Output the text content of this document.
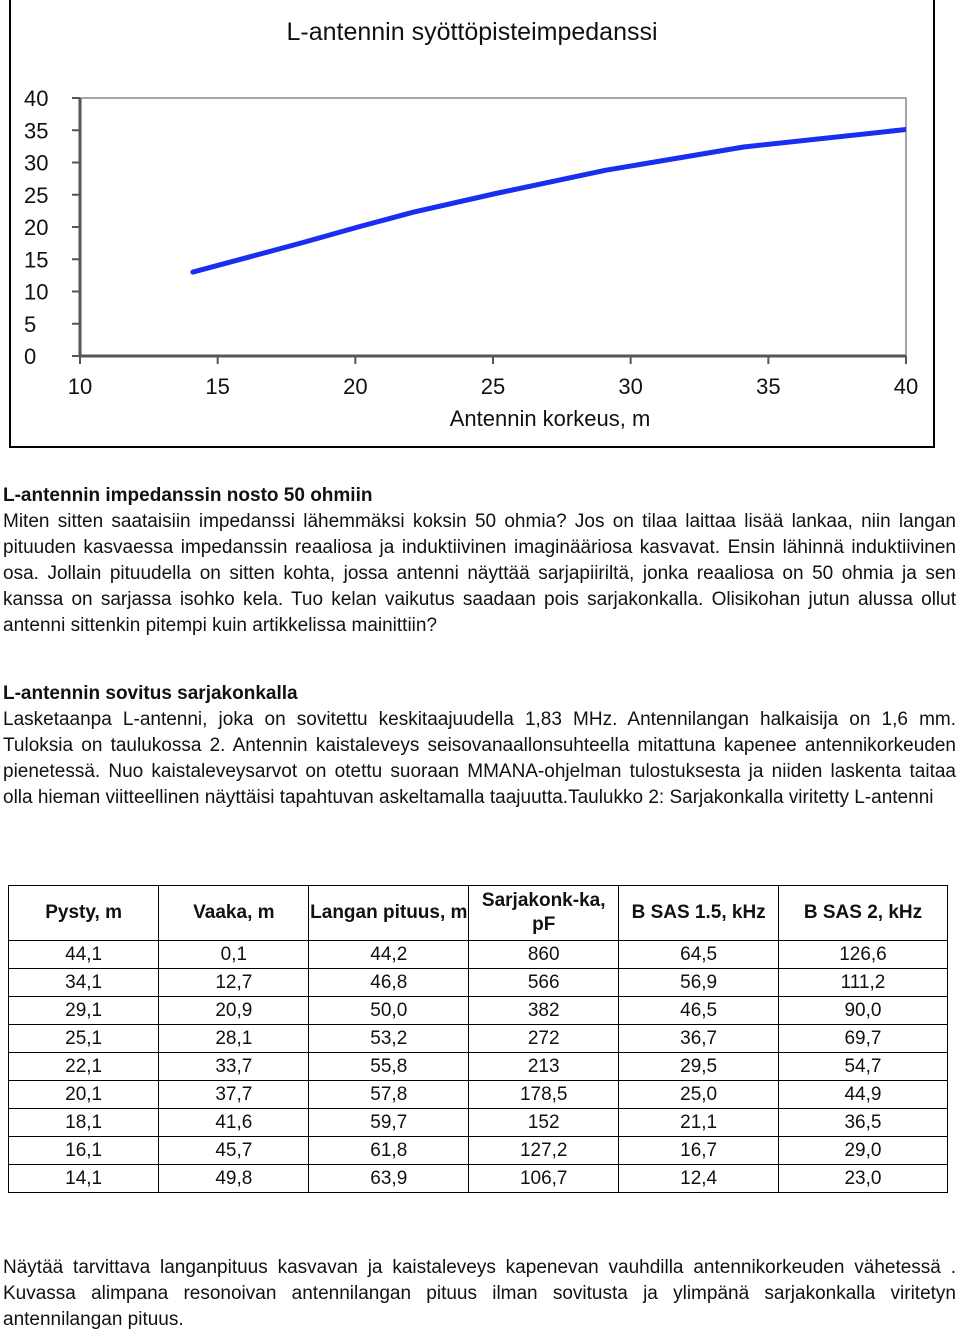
L-antennin syöttöpisteimpedanssi
10	15	20	25	30	35	40
40
35
30
25
20
15
10
5
0
Antennin korkeus, m
L-antennin impedanssin nosto 50 ohmiin

Miten sitten saataisiin impedanssi lähemmäksi koksin 50 ohmia? Jos on tilaa laittaa lisää lankaa, niin langan pituuden kasvaessa impedanssin reaaliosa ja induktiivinen imaginääriosa kasvavat. Ensin lähinnä induktiivinen osa. Jollain pituudella on sitten kohta, jossa antenni näyttää sarjapiiriltä, jonka reaaliosa on 50 ohmia ja sen kanssa on sarjassa isohko kela. Tuo kelan vaikutus saadaan pois sarjakonkalla. Olisikohan jutun alussa ollut antenni sittenkin pitempi kuin artikkelissa mainittiin?

L-antennin sovitus sarjakonkalla

Lasketaanpa L-antenni, joka on sovitettu keskitaajuudella 1,83 MHz. Antennilangan halkaisija on 1,6 mm. Tuloksia on taulukossa 2. Antennin kaistaleveys seisovanaallonsuhteella mitattuna kapenee antennikorkeuden pienetessä. Nuo kaistaleveysarvot on otettu suoraan MMANA-ohjelman tulostuksesta ja niiden laskenta taitaa olla hieman viitteellinen näyttäisi tapahtuvan askeltamalla taajuutta.Taulukko 2: Sarjakonkalla viritetty L-antenni

Pysty, m	Vaaka, m	Langan pituus, m	Sarjakonk-ka, pF	B SAS 1.5, kHz	B SAS 2, kHz
44,1	0,1	44,2	860	64,5	126,6
34,1	12,7	46,8	566	56,9	111,2
29,1	20,9	50,0	382	46,5	90,0
25,1	28,1	53,2	272	36,7	69,7
22,1	33,7	55,8	213	29,5	54,7
20,1	37,7	57,8	178,5	25,0	44,9
18,1	41,6	59,7	152	21,1	36,5
16,1	45,7	61,8	127,2	16,7	29,0
14,1	49,8	63,9	106,7	12,4	23,0

Näytää tarvittava langanpituus kasvavan ja kaistaleveys kapenevan vauhdilla antennikorkeuden vähetessä . Kuvassa alimpana resonoivan antennilangan pituus ilman sovitusta ja ylimpänä sarjakonkalla viritetyn antennilangan pituus.
